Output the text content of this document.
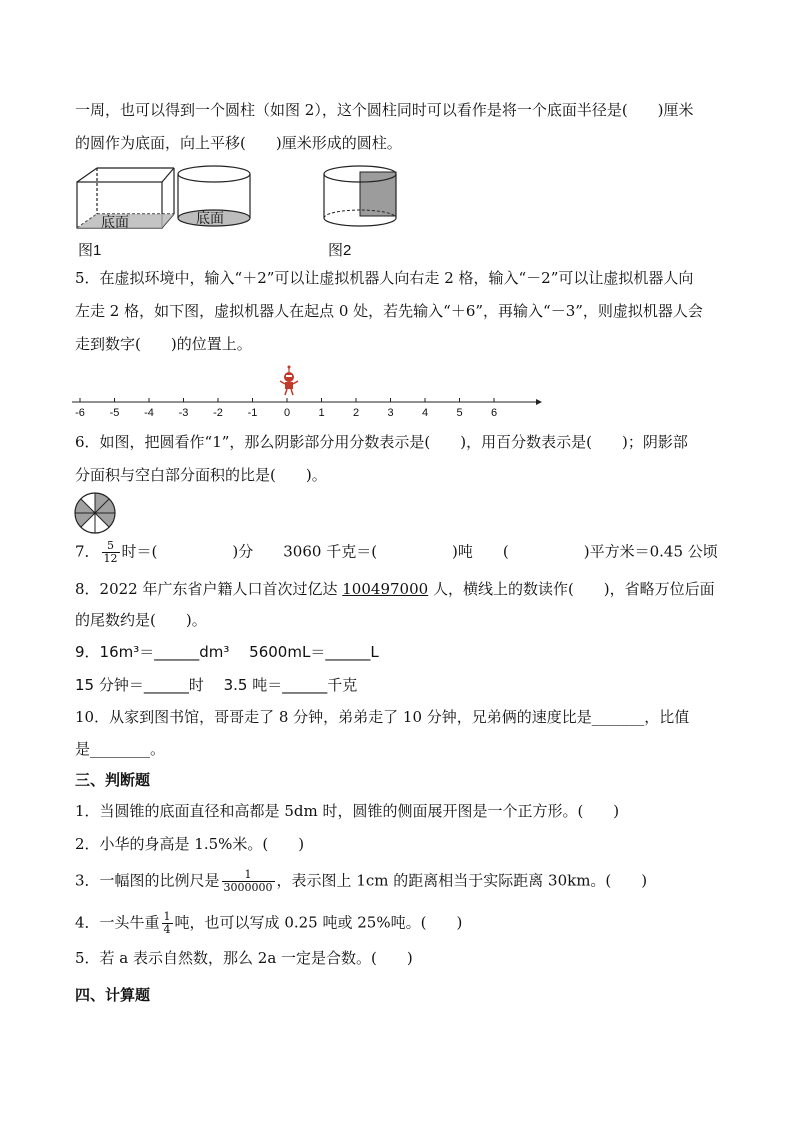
一周，也可以得到一个圆柱（如图 2），这个圆柱同时可以看作是将一个底面半径是(　　)厘米
的圆作为底面，向上平移(　　)厘米形成的圆柱。
底面	底面
图1	图2
5．在虚拟环境中，输入“＋2”可以让虚拟机器人向右走 2 格，输入“－2”可以让虚拟机器人向
左走 2 格，如下图，虚拟机器人在起点 0 处，若先输入“＋6”，再输入“－3”，则虚拟机器人会
走到数字(　　)的位置上。
-6 -5 -4 -3 -2 -1 0	1	2	3	4	5	6
6．如图，把圆看作“1”，那么阴影部分用分数表示是(　　)，用百分数表示是(　　)；阴影部
分面积与空白部分面积的比是(　　)。
7． $\frac{5}{12}$ 时＝(　　　　　)分　　3060 千克＝(　　　　　)吨　　(　　　　　)平方米＝0.45 公顷
8．2022 年广东省户籍人口首次过亿达 100497000 人，横线上的数读作(　　)，省略万位后面
的尾数约是(　　)。
9．16m³＝______dm³　 5600mL＝______L
15 分钟＝______时　 3.5 吨＝______千克
10．从家到图书馆，哥哥走了 8 分钟，弟弟走了 10 分钟，兄弟俩的速度比是_______，比值
是________。
三、判断题
1．当圆锥的底面直径和高都是 5dm 时，圆锥的侧面展开图是一个正方形。(　　)
2．小华的身高是 1.5%米。(　　)
3．一幅图的比例尺是 $\frac{1}{3000000}$ ，表示图上 1cm 的距离相当于实际距离 30km。(　　)
4．一头牛重 $\frac{1}{4}$ 吨，也可以写成 0.25 吨或 25%吨。(　　)
5．若 a 表示自然数，那么 2a 一定是合数。(　　)
四、计算题
